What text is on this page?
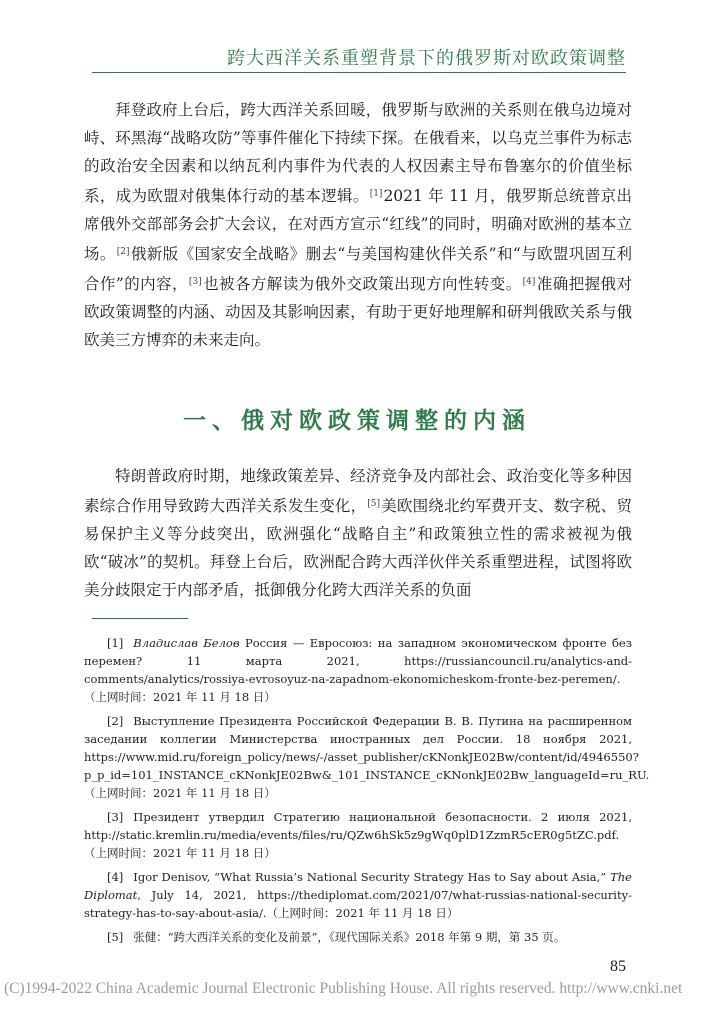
跨大西洋关系重塑背景下的俄罗斯对欧政策调整

拜登政府上台后，跨大西洋关系回暖，俄罗斯与欧洲的关系则在俄乌边境对峙、环黑海“战略攻防”等事件催化下持续下探。在俄看来，以乌克兰事件为标志的政治安全因素和以纳瓦利内事件为代表的人权因素主导布鲁塞尔的价值坐标系，成为欧盟对俄集体行动的基本逻辑。[1]2021 年 11 月，俄罗斯总统普京出席俄外交部部务会扩大会议，在对西方宣示“红线”的同时，明确对欧洲的基本立场。[2]俄新版《国家安全战略》删去“与美国构建伙伴关系”和“与欧盟巩固互利合作”的内容，[3]也被各方解读为俄外交政策出现方向性转变。[4]准确把握俄对欧政策调整的内涵、动因及其影响因素，有助于更好地理解和研判俄欧关系与俄欧美三方博弈的未来走向。

一、俄对欧政策调整的内涵

特朗普政府时期，地缘政策差异、经济竞争及内部社会、政治变化等多种因素综合作用导致跨大西洋关系发生变化，[5]美欧围绕北约军费开支、数字税、贸易保护主义等分歧突出，欧洲强化“战略自主”和政策独立性的需求被视为俄欧“破冰”的契机。拜登上台后，欧洲配合跨大西洋伙伴关系重塑进程，试图将欧美分歧限定于内部矛盾，抵御俄分化跨大西洋关系的负面

[1] Владислав Белов Россия — Евросоюз: на западном экономическом фронте без перемен? 11 марта 2021, https://russiancouncil.ru/analytics-and-comments/analytics/rossiya-evrosoyuz-na-zapadnom-ekonomicheskom-fronte-bez-peremen/.（上网时间：2021 年 11 月 18 日）

[2] Выступление Президента Российской Федерации В. В. Путина на расширенном заседании коллегии Министерства иностранных дел России. 18 ноября 2021, https://www.mid.ru/foreign_policy/news/-/asset_publisher/cKNonkJE02Bw/content/id/4946550?p_p_id=101_INSTANCE_cKNonkJE02Bw&_101_INSTANCE_cKNonkJE02Bw_languageId=ru_RU.（上网时间：2021 年 11 月 18 日）

[3] Президент утвердил Стратегию национальной безопасности. 2 июля 2021, http://static.kremlin.ru/media/events/files/ru/QZw6hSk5z9gWq0plD1ZzmR5cER0g5tZC.pdf.（上网时间：2021 年 11 月 18 日）

[4] Igor Denisov, “What Russia’s National Security Strategy Has to Say about Asia,” The Diplomat, July 14, 2021, https://thediplomat.com/2021/07/what-russias-national-security-strategy-has-to-say-about-asia/.（上网时间：2021 年 11 月 18 日）

[5] 张健：“跨大西洋关系的变化及前景”，《现代国际关系》2018 年第 9 期，第 35 页。

85
(C)1994-2022 China Academic Journal Electronic Publishing House. All rights reserved. http://www.cnki.net
